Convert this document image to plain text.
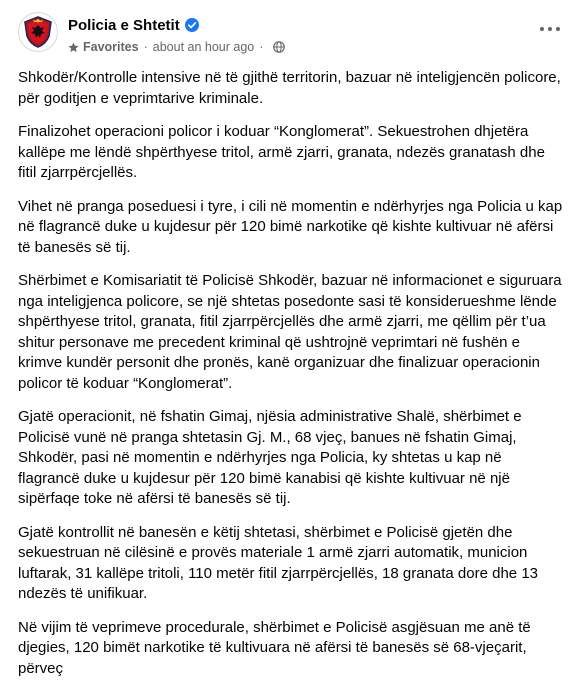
Policia e Shtetit
Favorites · about an hour ago ·

Shkodër/Kontrolle intensive në të gjithë territorin, bazuar në inteligjencën policore, për goditjen e veprimtarive kriminale.

Finalizohet operacioni policor i koduar “Konglomerat”. Sekuestrohen dhjetëra kallëpe me lëndë shpërthyese tritol, armë zjarri, granata, ndezës granatash dhe fitil zjarrpërcjellës.

Vihet në pranga poseduesi i tyre, i cili në momentin e ndërhyrjes nga Policia u kap në flagrancë duke u kujdesur për 120 bimë narkotike që kishte kultivuar në afërsi të banesës së tij.

Shërbimet e Komisariatit të Policisë Shkodër, bazuar në informacionet e siguruara nga inteligjenca policore, se një shtetas posedonte sasi të konsiderueshme lënde shpërthyese tritol, granata, fitil zjarrpërcjellës dhe armë zjarri, me qëllim për t’ua shitur personave me precedent kriminal që ushtrojnë veprimtari në fushën e krimve kundër personit dhe pronës, kanë organizuar dhe finalizuar operacionin policor të koduar “Konglomerat”.

Gjatë operacionit, në fshatin Gimaj, njësia administrative Shalë, shërbimet e Policisë vunë në pranga shtetasin Gj. M., 68 vjeç, banues në fshatin Gimaj, Shkodër, pasi në momentin e ndërhyrjes nga Policia, ky shtetas u kap në flagrancë duke u kujdesur për 120 bimë kanabisi që kishte kultivuar në një sipërfaqe toke në afërsi të banesës së tij.

Gjatë kontrollit në banesën e këtij shtetasi, shërbimet e Policisë gjetën dhe sekuestruan në cilësinë e provës materiale 1 armë zjarri automatik, municion luftarak, 31 kallëpe tritoli, 110 metër fitil zjarrpërcjellës, 18 granata dore dhe 13 ndezës të unifikuar.

Në vijim të veprimeve procedurale, shërbimet e Policisë asgjësuan me anë të djegies, 120 bimët narkotike të kultivuara në afërsi të banesës së 68-vjeçarit, përveç
